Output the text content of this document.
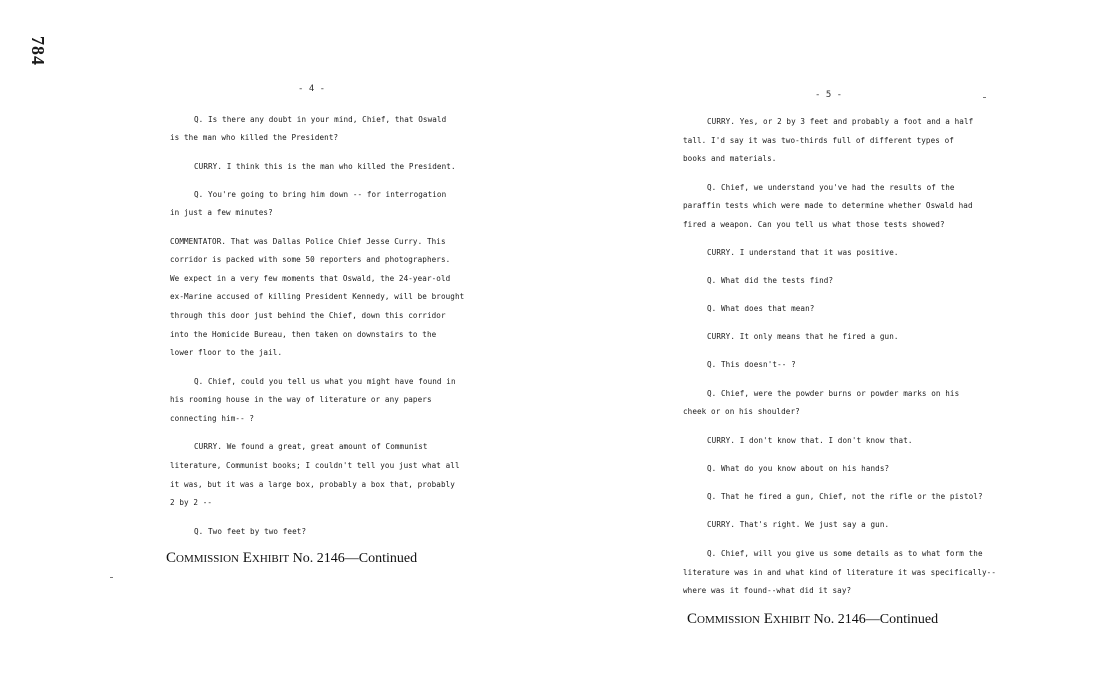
784
- 4 -
Q. Is there any doubt in your mind, Chief, that Oswald
is the man who killed the President?
CURRY. I think this is the man who killed the President.
Q. You're going to bring him down -- for interrogation
in just a few minutes?
COMMENTATOR. That was Dallas Police Chief Jesse Curry. This
corridor is packed with some 50 reporters and photographers.
We expect in a very few moments that Oswald, the 24-year-old
ex-Marine accused of killing President Kennedy, will be brought
through this door just behind the Chief, down this corridor
into the Homicide Bureau, then taken on downstairs to the
lower floor to the jail.
Q. Chief, could you tell us what you might have found in
his rooming house in the way of literature or any papers
connecting him-- ?
CURRY. We found a great, great amount of Communist
literature, Communist books; I couldn't tell you just what all
it was, but it was a large box, probably a box that, probably
2 by 2 --
Q. Two feet by two feet?
Commission Exhibit No. 2146—Continued
- 5 -
CURRY. Yes, or 2 by 3 feet and probably a foot and a half
tall. I'd say it was two-thirds full of different types of
books and materials.
Q. Chief, we understand you've had the results of the
paraffin tests which were made to determine whether Oswald had
fired a weapon. Can you tell us what those tests showed?
CURRY. I understand that it was positive.
Q. What did the tests find?
Q. What does that mean?
CURRY. It only means that he fired a gun.
Q. This doesn't-- ?
Q. Chief, were the powder burns or powder marks on his
cheek or on his shoulder?
CURRY. I don't know that. I don't know that.
Q. What do you know about on his hands?
Q. That he fired a gun, Chief, not the rifle or the pistol?
CURRY. That's right. We just say a gun.
Q. Chief, will you give us some details as to what form the
literature was in and what kind of literature it was specifically--
where was it found--what did it say?
Commission Exhibit No. 2146—Continued
